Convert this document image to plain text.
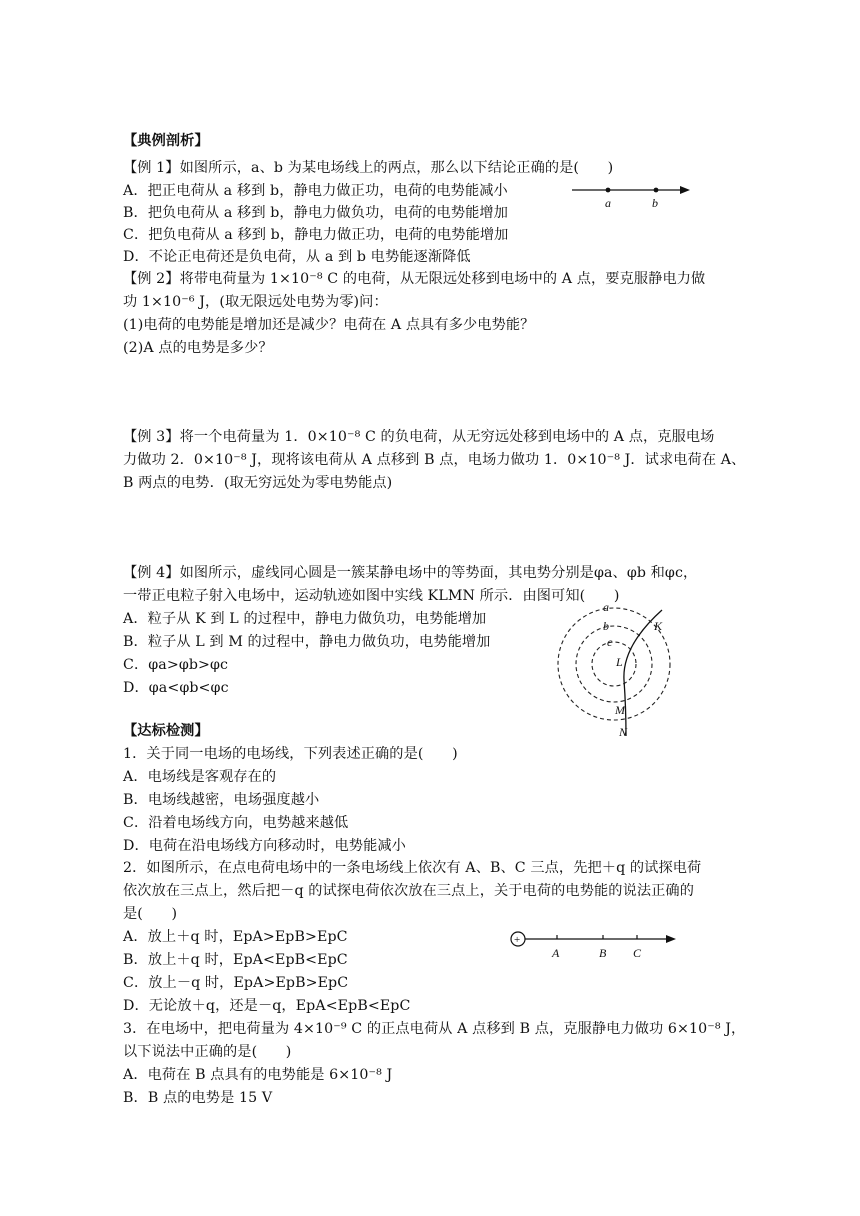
【典例剖析】
【例 1】如图所示，a、b 为某电场线上的两点，那么以下结论正确的是(　　)
A．把正电荷从 a 移到 b，静电力做正功，电荷的电势能减小
B．把负电荷从 a 移到 b，静电力做负功，电荷的电势能增加
C．把负电荷从 a 移到 b，静电力做正功，电荷的电势能增加
D．不论正电荷还是负电荷，从 a 到 b 电势能逐渐降低
a	b
【例 2】将带电荷量为 1×10⁻⁸ C 的电荷，从无限远处移到电场中的 A 点，要克服静电力做
功 1×10⁻⁶ J，(取无限远处电势为零)问：
(1)电荷的电势能是增加还是减少？电荷在 A 点具有多少电势能？
(2)A 点的电势是多少？
【例 3】将一个电荷量为 1．0×10⁻⁸ C 的负电荷，从无穷远处移到电场中的 A 点，克服电场
力做功 2．0×10⁻⁸ J，现将该电荷从 A 点移到 B 点，电场力做功 1．0×10⁻⁸ J．试求电荷在 A、
B 两点的电势．(取无穷远处为零电势能点)
【例 4】如图所示，虚线同心圆是一簇某静电场中的等势面，其电势分别是φa、φb 和φc，
一带正电粒子射入电场中，运动轨迹如图中实线 KLMN 所示．由图可知(　　)
A．粒子从 K 到 L 的过程中，静电力做负功，电势能增加
B．粒子从 L 到 M 的过程中，静电力做负功，电势能增加
C．φa>φb>φc
D．φa<φb<φc
a
b
c
K
L
M
N
【达标检测】
1．关于同一电场的电场线，下列表述正确的是(　　)
A．电场线是客观存在的
B．电场线越密，电场强度越小
C．沿着电场线方向，电势越来越低
D．电荷在沿电场线方向移动时，电势能减小
2．如图所示，在点电荷电场中的一条电场线上依次有 A、B、C 三点，先把＋q 的试探电荷
依次放在三点上，然后把－q 的试探电荷依次放在三点上，关于电荷的电势能的说法正确的
是(　　)
A．放上＋q 时，EpA>EpB>EpC
B．放上＋q 时，EpA<EpB<EpC
C．放上－q 时，EpA>EpB>EpC
D．无论放＋q，还是－q，EpA<EpB<EpC
+
A	B C
3．在电场中，把电荷量为 4×10⁻⁹ C 的正点电荷从 A 点移到 B 点，克服静电力做功 6×10⁻⁸ J，
以下说法中正确的是(　　)
A．电荷在 B 点具有的电势能是 6×10⁻⁸ J
B．B 点的电势是 15 V
